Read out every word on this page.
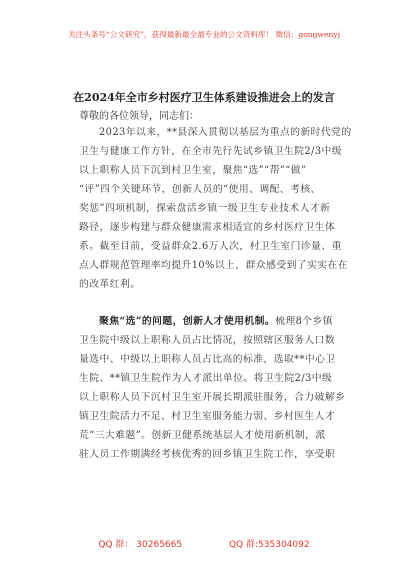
关注头条号“公文研究”，获得最新最全最专业的公文资料库！ 微信：gongwenyj
在2024年全市乡村医疗卫生体系建设推进会上的发言
尊敬的各位领导，同志们：
2023年以来，**县深入贯彻以基层为重点的新时代党的
卫生与健康工作方针，在全市先行先试乡镇卫生院2/3中级
以上职称人员下沉到村卫生室，聚焦“选”“帮”“做”
“评”四个关键环节，创新人员的“使用、调配、考核、
奖惩”四项机制，探索盘活乡镇一级卫生专业技术人才新
路径，逐步构建与群众健康需求相适宜的乡村医疗卫生体
系。截至目前，受益群众2.6万人次，村卫生室门诊量、重
点人群规范管理率均提升10%以上，群众感受到了实实在在
的改革红利。
聚焦“选”的问题，创新人才使用机制。梳理8个乡镇
卫生院中级以上职称人员占比情况，按照辖区服务人口数
量选中、中级以上职称人员占比高的标准，选取**中心卫
生院、**镇卫生院作为人才派出单位。将卫生院2/3中级
以上职称人员下沉村卫生室开展长期派驻服务，合力破解乡
镇卫生院活力不足、村卫生室服务能力弱、乡村医生人才
荒“三大难题”。创新卫健系统基层人才使用新机制，派
驻人员工作期满经考核优秀的回乡镇卫生院工作，享受职
QQ 群： 30265665	QQ 群:535304092
